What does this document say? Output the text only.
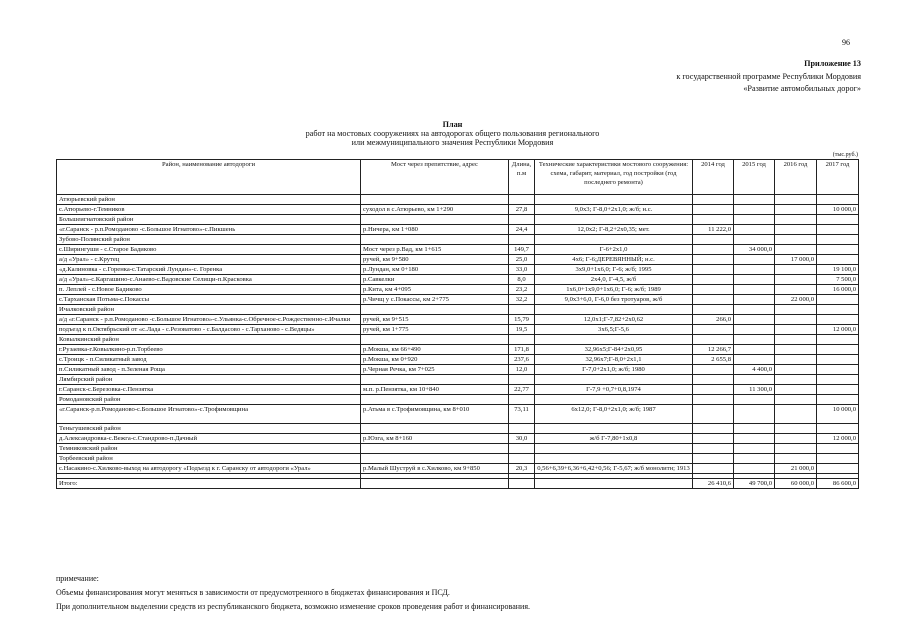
96
Приложение 13
к государственной программе Республики Мордовия
«Развитие автомобильных дорог»
План
работ на мостовых сооружениях на автодорогах общего пользования регионального
или межмуниципального значения Республики Мордовия
(тыс.руб.)
Район, наименование автодороги	Мост через препятствие, адрес	Длина, п.м	Технические характеристики мостового сооружения: схема, габарит, материал, год постройки (год последнего ремонта)	2014 год	2015 год	2016 год	2017 год
Атюрьевский район							
с.Атюрьево-г.Темников	суходол в с.Атюрьево, км 1+290	27,8	9,0х3; Г-8,0+2х1,0; ж/б; н.с.				10 000,0
Большеигнатовский район							
«г.Саранск - р.п.Ромоданово -с.Большое Игнатово»-с.Пикшень	р.Ничера, км 1+080	24,4	12,0х2; Г-8,2+2х0,35; мет.	11 222,0			
Зубово-Полянский район							
с.Ширингуши - с.Старое Бадиково	Мост через р.Вад, км 1+615	149,7	Г-6+2х1,0		34 000,0		
а/д «Урал» - с.Крутец	ручей, км 9+580	25,0	4х6; Г-6;ДЕРЕВЯННЫЙ; н.с.			17 000,0	
«д.Калиновка - с.Горенка-с.Татарский Лундан»-с. Горенка	р.Лундан, км 0+180	33,0	3х9,0+1х6,0; Г-6; ж/б; 1995				19 100,0
а/д «Урал»-с.Каргашино-с.Анаево-с.Вадовские Селищи-п.Красковка	р.Савкелки	8,0	2х4,0, Г-4,5, ж/б				7 500,0
п. Леплей - с.Новое Бадиково	р.Кита, км 4+095	23,2	1х6,0+1х9,0+1х6,0; Г-6; ж/б; 1989				16 000,0
с.Тарханская Потьма-с.Покассы	р.Чичщ у с.Покассы, км 2+775	32,2	9,0х3+6,0, Г-6,0 без тротуаров, ж/б			22 000,0	
Ичалковский район							
а/д «г.Саранск - р.п.Ромоданово -с.Большое Игнатово»-с.Ульянка-с.Обречное-с.Рождественно-с.Ичалки	ручей, км 9+515	15,79	12,0х1;Г-7,82+2х0,62	266,0			
подъезд к п.Октябрьский от «с.Лада - с.Резоватово - с.Балдасово - с.Тарханово - с.Ведяцы»	ручей, км 1+775	19,5	3х6,5;Г-5,6				12 000,0
Ковылкинский район							
г.Рузаевка-г.Ковылкино-р.п.Торбеево	р.Мокша, км 66+490	171,8	32,96х5;Г-84+2х0,95	12 266,7			
с.Троицк - п.Силикатный завод	р.Мокша, км 0+920	237,6	32,96х7;Г-8,0+2х1,1	2 655,8			
п.Силикатный завод - п.Зеленая Роща	р.Черная Речка, км 7+025	12,0	Г-7,0+2х1,0; ж/б; 1980		4 400,0		
Лямбирский район							
г.Саранск-с.Березовка-с.Пензятка	м.п. р.Пензятка, км 10+840	22,77	Г-7,9 +0,7+0,8,1974		11 300,0		
Ромодановский район							
«г.Саранск-р.п.Ромоданово-с.Большое Игнатово»-с.Трофимовщина	р.Атьма в с.Трофимовщина, км 8+010	73,11	6х12,0; Г-8,0+2х1,0; ж/б; 1987				10 000,0
Теньгушевский район							
д.Александровка-с.Вежга-с.Стандрово-п.Дачный	р.Юзга, км 8+160	30,0	ж/б Г-7,80+1х0,8				12 000,0
Темниковский район							
Торбеевский район							
с.Насакино-с.Хилково-выход на автодорогу «Подъезд к г. Саранску от автодороги «Урал»	р.Малый Шуструй в с.Хилково, км 9+850	20,3	0,56+6,39+6,36+6,42+0,56; Г-5,67; ж/б монолитн; 1913			21 000,0	

Итого:				26 410,6	49 700,0	60 000,0	86 600,0
примечание:
Объемы финансирования могут меняться в зависимости от предусмотренного в бюджетах финансирования и ПСД.
При дополнительном выделении средств из республиканского бюджета, возможно изменение сроков проведения работ и финансирования.
